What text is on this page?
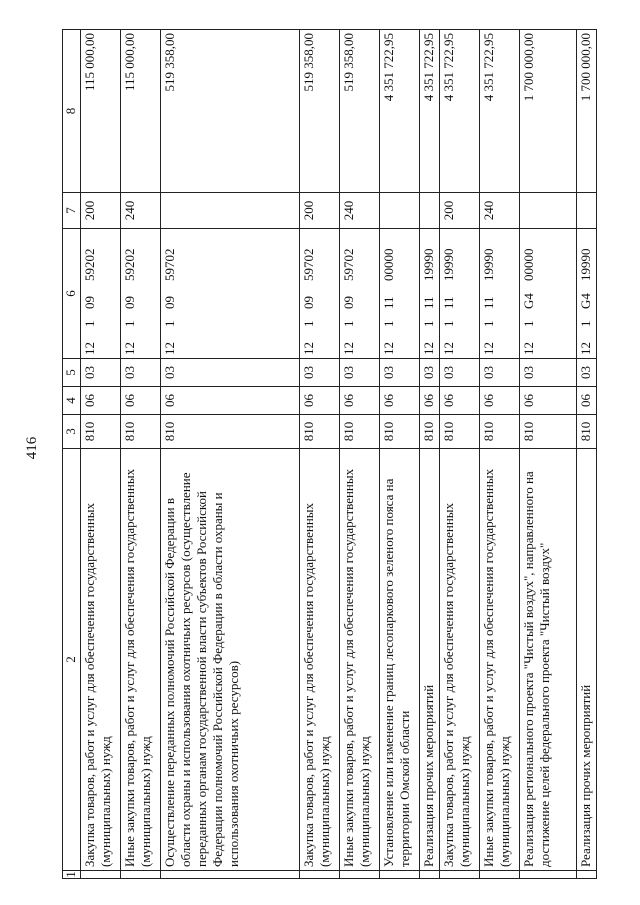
416
1	2	3	4	5	6	7	8
	Закупка товаров, работ и услуг для обеспечения государственных (муниципальных) нужд	810	06	03	1210959202	200	115 000,00
	Иные закупки товаров, работ и услуг для обеспечения государственных (муниципальных) нужд	810	06	03	1210959202	240	115 000,00
	Осуществление переданных полномочий Российской Федерации в области охраны и использования охотничьих ресурсов (осуществление переданных органам государственной власти субъектов Российской Федерации полномочий Российской Федерации в области охраны и использования охотничьих ресурсов)	810	06	03	1210959702		519 358,00
	Закупка товаров, работ и услуг для обеспечения государственных (муниципальных) нужд	810	06	03	1210959702	200	519 358,00
	Иные закупки товаров, работ и услуг для обеспечения государственных (муниципальных) нужд	810	06	03	1210959702	240	519 358,00
	Установление или изменение границ лесопаркового зеленого пояса на территории Омской области	810	06	03	1211100000		4 351 722,95
	Реализация прочих мероприятий	810	06	03	1211119990		4 351 722,95
	Закупка товаров, работ и услуг для обеспечения государственных (муниципальных) нужд	810	06	03	1211119990	200	4 351 722,95
	Иные закупки товаров, работ и услуг для обеспечения государственных (муниципальных) нужд	810	06	03	1211119990	240	4 351 722,95
	Реализация регионального проекта "Чистый воздух", направленного на достижение целей федерального проекта "Чистый воздух"	810	06	03	121G400000		1 700 000,00
	Реализация прочих мероприятий	810	06	03	121G419990		1 700 000,00
